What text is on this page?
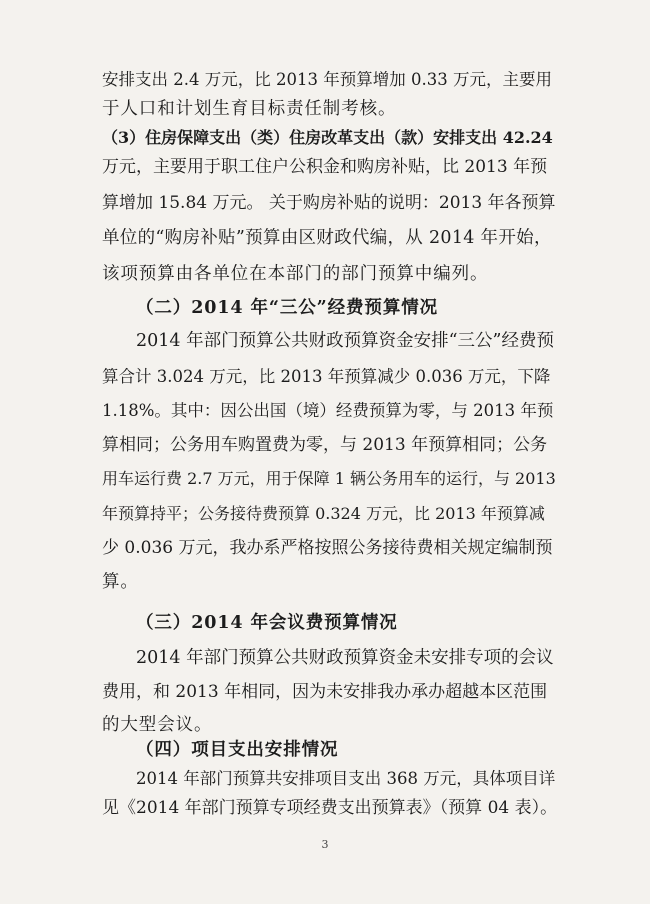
安排支出 2.4 万元，比 2013 年预算增加 0.33 万元，主要用
于人口和计划生育目标责任制考核。
（3）住房保障支出（类）住房改革支出（款）安排支出 42.24
万元，主要用于职工住户公积金和购房补贴，比 2013 年预
算增加 15.84 万元。 关于购房补贴的说明：2013 年各预算
单位的“购房补贴”预算由区财政代编，从 2014 年开始，
该项预算由各单位在本部门的部门预算中编列。
（二）2014 年“三公”经费预算情况
2014 年部门预算公共财政预算资金安排“三公”经费预
算合计 3.024 万元，比 2013 年预算减少 0.036 万元，下降
1.18%。其中：因公出国（境）经费预算为零，与 2013 年预
算相同；公务用车购置费为零，与 2013 年预算相同；公务
用车运行费 2.7 万元，用于保障 1 辆公务用车的运行，与 2013
年预算持平；公务接待费预算 0.324 万元，比 2013 年预算减
少 0.036 万元，我办系严格按照公务接待费相关规定编制预
算。
（三）2014 年会议费预算情况
2014 年部门预算公共财政预算资金未安排专项的会议
费用，和 2013 年相同，因为未安排我办承办超越本区范围
的大型会议。
（四）项目支出安排情况
2014 年部门预算共安排项目支出 368 万元，具体项目详
见《2014 年部门预算专项经费支出预算表》（预算 04 表）。
3
